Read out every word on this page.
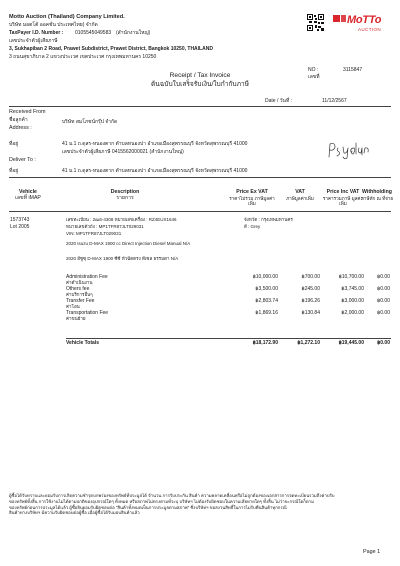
Motto Auction (Thailand) Company Limited.
บริษัท มอตโต้ ออคชั่น ประเทศไทย) จำกัด
TaxPayer I.D. Number : 0105545049583 (สำนักงานใหญ่)
เลขประจำตัวผู้เสียภาษี
3, Sukhapiban 2 Road, Prawet Subdistrict, Prawet District, Bangkok 10250, THAILAND
3 ถนนสุขาภิบาล 2 แขวงประเวศ เขตประเวศ กรุงเทพมหานคร 10250
MoTTo
AUCTION
NO :
เลขที่
3115847
Receipt / Tax Invoice
ต้นฉบับใบเสร็จรับเงิน/ใบกำกับภาษี
Date / วันที่ :	11/12/2567
Received From
ชื่อลูกค้า	บริษัท สมโภชน์กรุ๊ป จำกัด
Address :
ที่อยู่	41 ม.1 ถ.ดุสร-หนองตาก ตำบลหนองปา อำเภอเมืองสุพรรณบุรี จังหวัดสุพรรณบุรี 41000
เลขประจำตัวผู้เสียภาษี 0415562000021 (สำนักงานใหญ่)
Deliver To :
ที่อยู่	41 ม.1 ถ.ดุสร-หนองตาก ตำบลหนองปา อำเภอเมืองสุพรรณบุรี จังหวัดสุพรรณบุรี 41000
Vehicle
เลขที่ iMAP
Description
รายการ
Price Ex VAT
ราคาไม่รวม ภาษีมูลค่าเพิ่ม
VAT
ภาษีมูลค่าเพิ่ม
Price Inc VAT
ราคารวมภาษี มูลค่าเพิ่ม
Withholding
ภาษีหัก ณ ที่จ่าย
1573743
Lot 2005
เลขทะเบียน : 2ฒอ-4308 หมายเลขเครื่อง : RZ4EUX1646
หมายเลขตัวถัง : MP1TFR87JLT029031
VIN: MP1TFR87JLT029031
จังหวัด : กรุงเทพมหานคร
สี : Grey
2020 Isuzu D-MAX 1900 cc Direct Injection Diesel Manual N/A
2020 อีซูซุ D-MAX 1900 ซีซี หัวฉีดตรง ดีเซล ธรรมดา N/A
Administration Fee
ค่าดำเนินงาน
฿10,000.00	฿700.00	฿10,700.00	฿0.00
Others fee
ค่าบริการอื่นๆ
฿3,500.00	฿245.00	฿3,745.00	฿0.00
Transfer Fee
ค่าโอน
฿2,803.74	฿196.26	฿3,000.00	฿0.00
Transportation Fee
ค่าขนย้าย
฿1,869.16	฿130.84	฿2,000.00	฿0.00
Vehicle Totals	฿18,172.90	฿1,272.10	฿19,445.00	฿0.00
ผู้ซื้อได้รับทราบและยอมรับการเกิดความชำรุดบกพร่องของทรัพย์ที่ประมูลได้ จำนวน การรับประกัน สินค้า ความคลาดเคลื่อนหรือไม่ถูกต้องของเอกสารการจดทะเบียนรวมถึงค่าปรับ
ของทรัพย์ทั้งสิ้น การใช้งานไม่ได้ตามปกติของอุปกรณ์ใดๆ ทั้งหมด หรือสภาพไม่ตรงตามที่ระบุ บริษัทฯ ไม่ต้องรับผิดชอบในความเสียหายใดๆ ทั้งสิ้น ไม่ว่าจะกรณีใดก็ตาม
ของทรัพย์ก่อนการประมูลได้แล้ว ผู้ซื้อยินยอมรับผิดชอบต่อ "สินค้าทั้งหมดเป็นการประมูลตามสภาพ" ซึ่งบริษัทฯ ขอสงวนสิทธิ์ในการไม่รับคืนสินค้าทุกกรณี
สินค้าทางบริษัทฯ มีความรับผิดชอบต่อผู้ซื้อ เมื่อผู้ซื้อได้รับมอบสินค้าแล้ว
Page 1
